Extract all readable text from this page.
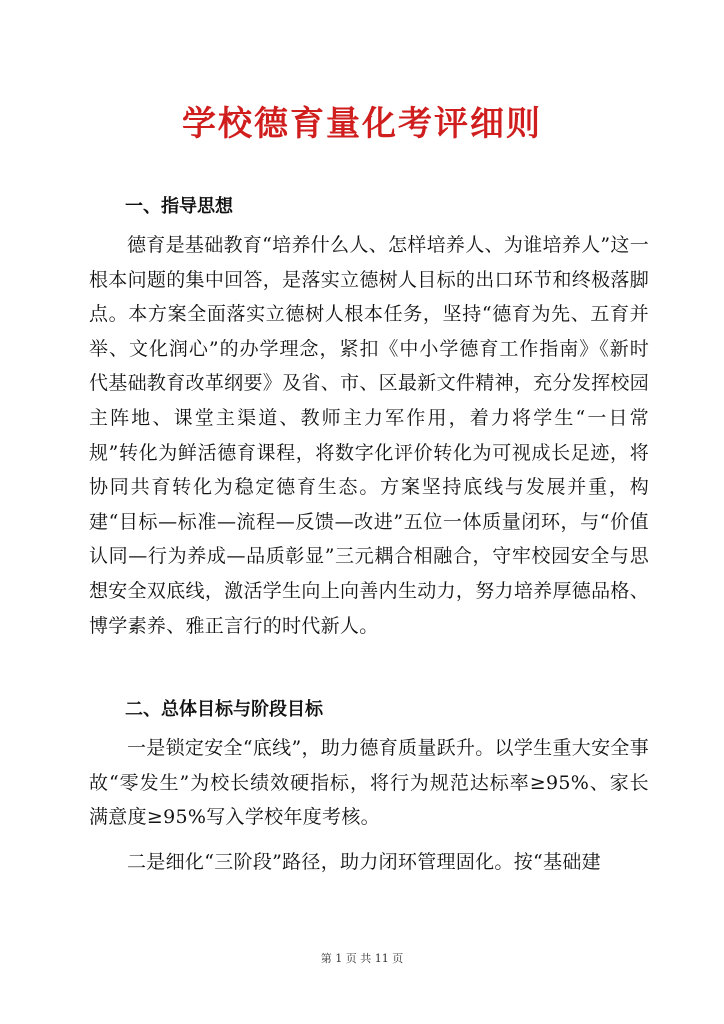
学校德育量化考评细则

一、指导思想

德育是基础教育“培养什么人、怎样培养人、为谁培养人”这一根本问题的集中回答，是落实立德树人目标的出口环节和终极落脚点。本方案全面落实立德树人根本任务，坚持“德育为先、五育并举、文化润心”的办学理念，紧扣《中小学德育工作指南》《新时代基础教育改革纲要》及省、市、区最新文件精神，充分发挥校园主阵地、课堂主渠道、教师主力军作用，着力将学生“一日常规”转化为鲜活德育课程，将数字化评价转化为可视成长足迹，将协同共育转化为稳定德育生态。方案坚持底线与发展并重，构建“目标—标准—流程—反馈—改进”五位一体质量闭环，与“价值认同—行为养成—品质彰显”三元耦合相融合，守牢校园安全与思想安全双底线，激活学生向上向善内生动力，努力培养厚德品格、博学素养、雅正言行的时代新人。

二、总体目标与阶段目标

一是锁定安全“底线”，助力德育质量跃升。以学生重大安全事故“零发生”为校长绩效硬指标，将行为规范达标率≥95%、家长满意度≥95%写入学校年度考核。

二是细化“三阶段”路径，助力闭环管理固化。按“基础建

第 1 页 共 11 页
